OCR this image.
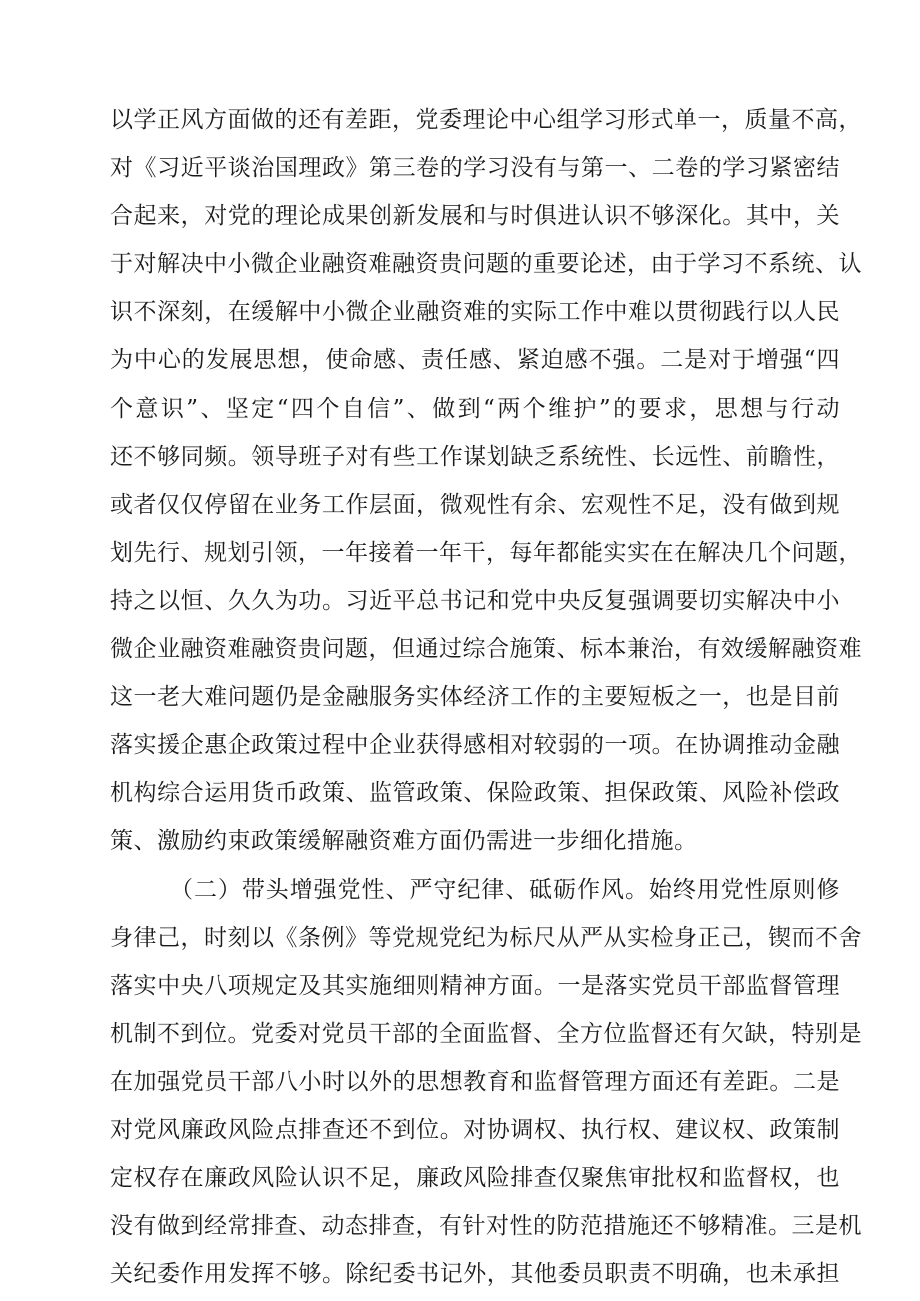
以学正风方面做的还有差距，党委理论中心组学习形式单一，质量不高，
对《习近平谈治国理政》第三卷的学习没有与第一、二卷的学习紧密结
合起来，对党的理论成果创新发展和与时俱进认识不够深化。其中，关
于对解决中小微企业融资难融资贵问题的重要论述，由于学习不系统、认
识不深刻，在缓解中小微企业融资难的实际工作中难以贯彻践行以人民
为中心的发展思想，使命感、责任感、紧迫感不强。二是对于增强“四
个意识”、坚定“四个自信”、做到“两个维护”的要求，思想与行动
还不够同频。领导班子对有些工作谋划缺乏系统性、长远性、前瞻性，
或者仅仅停留在业务工作层面，微观性有余、宏观性不足，没有做到规
划先行、规划引领，一年接着一年干，每年都能实实在在解决几个问题，
持之以恒、久久为功。习近平总书记和党中央反复强调要切实解决中小
微企业融资难融资贵问题，但通过综合施策、标本兼治，有效缓解融资难
这一老大难问题仍是金融服务实体经济工作的主要短板之一，也是目前
落实援企惠企政策过程中企业获得感相对较弱的一项。在协调推动金融
机构综合运用货币政策、监管政策、保险政策、担保政策、风险补偿政
策、激励约束政策缓解融资难方面仍需进一步细化措施。
（二）带头增强党性、严守纪律、砥砺作风。始终用党性原则修
身律己，时刻以《条例》等党规党纪为标尺从严从实检身正己，锲而不舍
落实中央八项规定及其实施细则精神方面。一是落实党员干部监督管理
机制不到位。党委对党员干部的全面监督、全方位监督还有欠缺，特别是
在加强党员干部八小时以外的思想教育和监督管理方面还有差距。二是
对党风廉政风险点排查还不到位。对协调权、执行权、建议权、政策制
定权存在廉政风险认识不足，廉政风险排查仅聚焦审批权和监督权，也
没有做到经常排查、动态排查，有针对性的防范措施还不够精准。三是机
关纪委作用发挥不够。除纪委书记外，其他委员职责不明确，也未承担
